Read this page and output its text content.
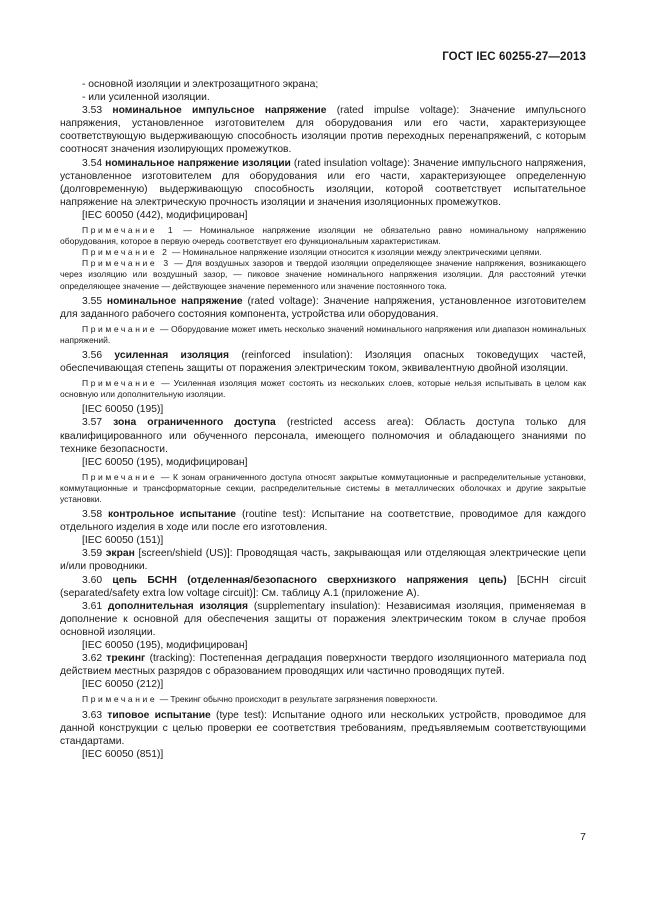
ГОСТ IEC 60255-27—2013

- основной изоляции и электрозащитного экрана;

- или усиленной изоляции.

3.53 номинальное импульсное напряжение (rated impulse voltage): Значение импульсного напряжения, установленное изготовителем для оборудования или его части, характеризующее соответствующую выдерживающую способность изоляции против переходных перенапряжений, с которым соотносят значения изолирующих промежутков.

3.54 номинальное напряжение изоляции (rated insulation voltage): Значение импульсного напряжения, установленное изготовителем для оборудования или его части, характеризующее определенную (долговременную) выдерживающую способность изоляции, которой соответствует испытательное напряжение на электрическую прочность изоляции и значения изоляционных промежутков.

[IEC 60050 (442), модифицирован]

Примечание 1 — Номинальное напряжение изоляции не обязательно равно номинальному напряжению оборудования, которое в первую очередь соответствует его функциональным характеристикам.

Примечание 2 — Номинальное напряжение изоляции относится к изоляции между электрическими цепями.

Примечание 3 — Для воздушных зазоров и твердой изоляции определяющее значение напряжения, возникающего через изоляцию или воздушный зазор, — пиковое значение номинального напряжения изоляции. Для расстояний утечки определяющее значение — действующее значение переменного или значение постоянного тока.

3.55 номинальное напряжение (rated voltage): Значение напряжения, установленное изготовителем для заданного рабочего состояния компонента, устройства или оборудования.

Примечание — Оборудование может иметь несколько значений номинального напряжения или диапазон номинальных напряжений.

3.56 усиленная изоляция (reinforced insulation): Изоляция опасных токоведущих частей, обеспечивающая степень защиты от поражения электрическим током, эквивалентную двойной изоляции.

Примечание — Усиленная изоляция может состоять из нескольких слоев, которые нельзя испытывать в целом как основную или дополнительную изоляции.

[IEC 60050 (195)]

3.57 зона ограниченного доступа (restricted access area): Область доступа только для квалифицированного или обученного персонала, имеющего полномочия и обладающего знаниями по технике безопасности.

[IEC 60050 (195), модифицирован]

Примечание — К зонам ограниченного доступа относят закрытые коммутационные и распределительные установки, коммутационные и трансформаторные секции, распределительные системы в металлических оболочках и другие закрытые установки.

3.58 контрольное испытание (routine test): Испытание на соответствие, проводимое для каждого отдельного изделия в ходе или после его изготовления.

[IEC 60050 (151)]

3.59 экран [screen/shield (US)]: Проводящая часть, закрывающая или отделяющая электрические цепи и/или проводники.

3.60 цепь БСНН (отделенная/безопасного сверхнизкого напряжения цепь) [БСНН circuit (separated/safety extra low voltage circuit)]: См. таблицу А.1 (приложение А).

3.61 дополнительная изоляция (supplementary insulation): Независимая изоляция, применяемая в дополнение к основной для обеспечения защиты от поражения электрическим током в случае пробоя основной изоляции.

[IEC 60050 (195), модифицирован]

3.62 трекинг (tracking): Постепенная деградация поверхности твердого изоляционного материала под действием местных разрядов с образованием проводящих или частично проводящих путей.

[IEC 60050 (212)]

Примечание — Трекинг обычно происходит в результате загрязнения поверхности.

3.63 типовое испытание (type test): Испытание одного или нескольких устройств, проводимое для данной конструкции с целью проверки ее соответствия требованиям, предъявляемым соответствующими стандартами.

[IEC 60050 (851)]

7
